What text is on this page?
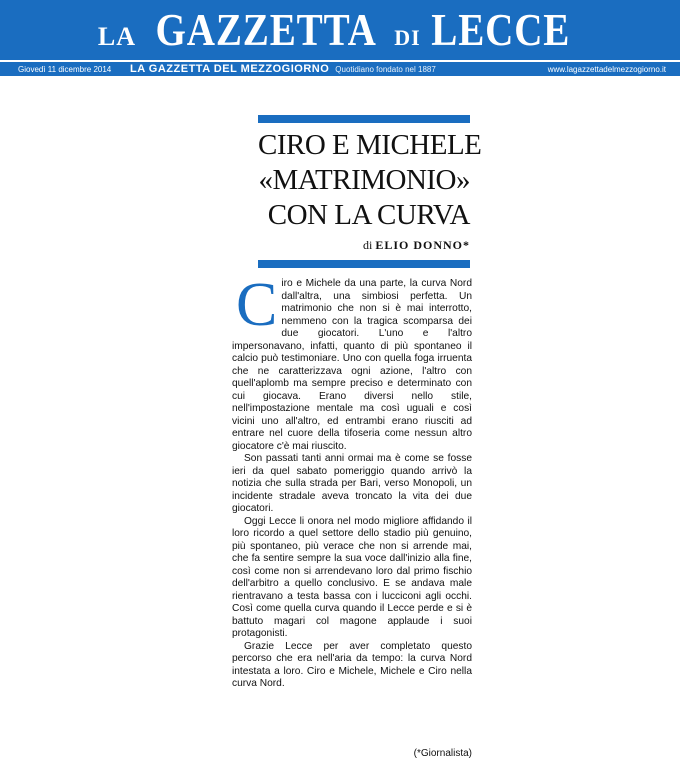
LA GAZZETTA DI LECCE
Giovedì 11 dicembre 2014	LA GAZZETTA DEL MEZZOGIORNO Quotidiano fondato nel 1887	www.lagazzettadelmezzogiorno.it
CIRO E MICHELE
«MATRIMONIO»
CON LA CURVA
di ELIO DONNO*

Ciro e Michele da una parte, la curva Nord dall'altra, una simbiosi perfetta. Un matrimonio che non si è mai interrotto, nemmeno con la tragica scomparsa dei due giocatori. L'uno e l'altro impersonavano, infatti, quanto di più spontaneo il calcio può testimoniare. Uno con quella foga irruenta che ne caratterizzava ogni azione, l'altro con quell'aplomb ma sempre preciso e determinato con cui giocava. Erano diversi nello stile, nell'impostazione mentale ma così uguali e così vicini uno all'altro, ed entrambi erano riusciti ad entrare nel cuore della tifoseria come nessun altro giocatore c'è mai riuscito.

Son passati tanti anni ormai ma è come se fosse ieri da quel sabato pomeriggio quando arrivò la notizia che sulla strada per Bari, verso Monopoli, un incidente stradale aveva troncato la vita dei due giocatori.

Oggi Lecce li onora nel modo migliore affidando il loro ricordo a quel settore dello stadio più genuino, più spontaneo, più verace che non si arrende mai, che fa sentire sempre la sua voce dall'inizio alla fine, così come non si arrendevano loro dal primo fischio dell'arbitro a quello conclusivo. E se andava male rientravano a testa bassa con i lucciconi agli occhi. Così come quella curva quando il Lecce perde e si è battuto magari col magone applaude i suoi protagonisti.

Grazie Lecce per aver completato questo percorso che era nell'aria da tempo: la curva Nord intestata a loro. Ciro e Michele, Michele e Ciro nella curva Nord.

(*Giornalista)
